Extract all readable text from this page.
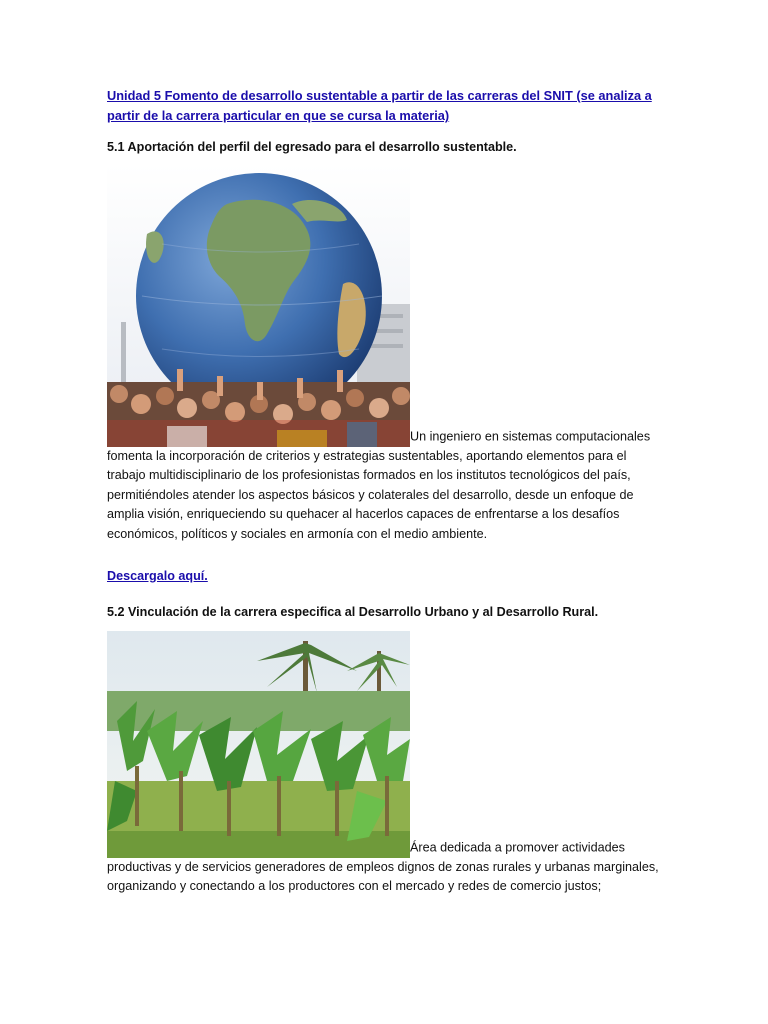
Unidad 5 Fomento de desarrollo sustentable a partir de las carreras del SNIT (se analiza a partir de la carrera particular en que se cursa la materia)

5.1 Aportación del perfil del egresado para el desarrollo sustentable.

Un ingeniero en sistemas computacionales fomenta la incorporación de criterios y estrategias sustentables, aportando elementos para el trabajo multidisciplinario de los profesionistas formados en los institutos tecnológicos del país, permitiéndoles atender los aspectos básicos y colaterales del desarrollo, desde un enfoque de amplia visión, enriqueciendo su quehacer al hacerlos capaces de enfrentarse a los desafíos económicos, políticos y sociales en armonía con el medio ambiente.

Descargalo aquí.

5.2 Vinculación de la carrera especifica al Desarrollo Urbano y al Desarrollo Rural.

Área dedicada a promover actividades productivas y de servicios generadores de empleos dignos de zonas rurales y urbanas marginales, organizando y conectando a los productores con el mercado y redes de comercio justos;
